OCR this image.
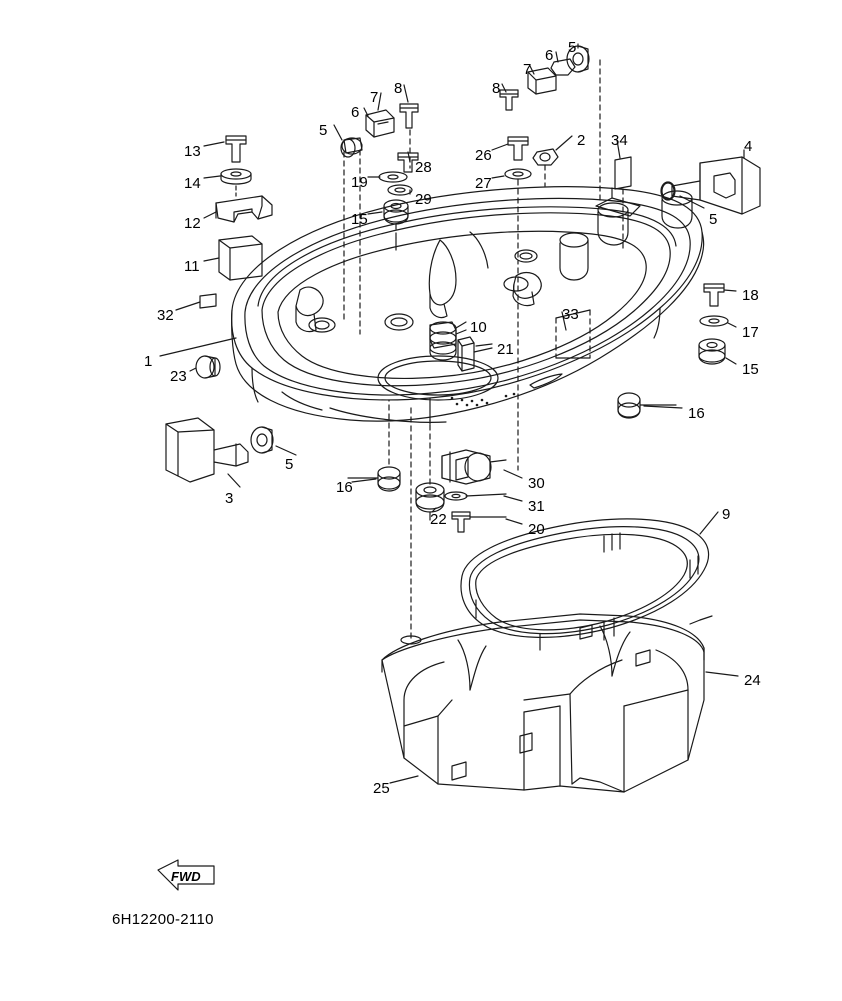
FWD
6H12200-2110
13
14
12
11
32
1
23
3
5
5
6
7
8
19
15
28
29
10
21
33
26
27
2 34
8
7
6 5
4
5
18
17
15
16
16
22
30
31
20
9
24
25
